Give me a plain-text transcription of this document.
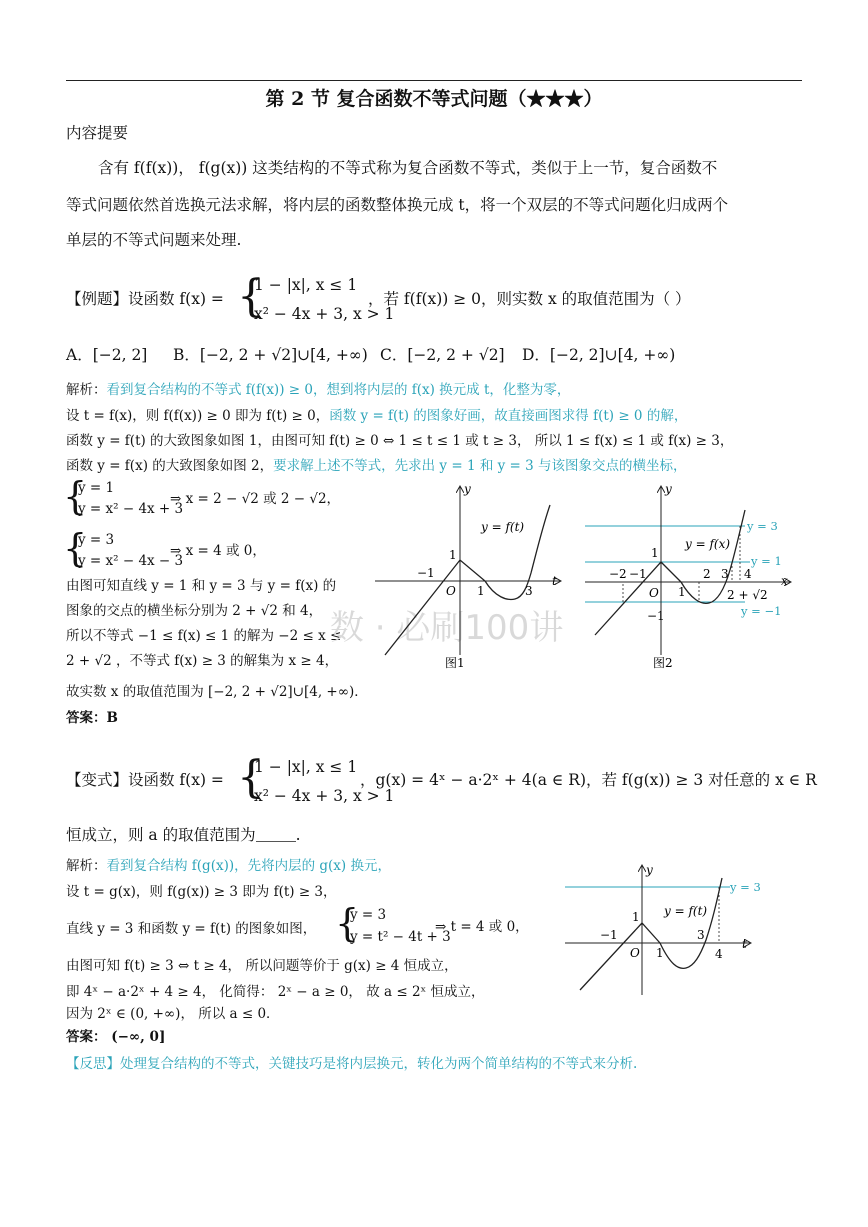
第 2 节 复合函数不等式问题（★★★）
内容提要
含有 f(f(x))， f(g(x)) 这类结构的不等式称为复合函数不等式，类似于上一节，复合函数不
等式问题依然首选换元法求解，将内层的函数整体换元成 t，将一个双层的不等式问题化归成两个
单层的不等式问题来处理.
【例题】设函数 f(x) = {
1 − |x|, x ≤ 1
x² − 4x + 3, x > 1
，若 f(f(x)) ≥ 0，则实数 x 的取值范围为（ ）
A．[−2, 2] B．[−2, 2 + √2]∪[4, +∞) C．[−2, 2 + √2] D．[−2, 2]∪[4, +∞)
解析：看到复合结构的不等式 f(f(x)) ≥ 0，想到将内层的 f(x) 换元成 t，化整为零，
设 t = f(x)，则 f(f(x)) ≥ 0 即为 f(t) ≥ 0，函数 y = f(t) 的图象好画，故直接画图求得 f(t) ≥ 0 的解，
函数 y = f(t) 的大致图象如图 1，由图可知 f(t) ≥ 0 ⇔ 1 ≤ t ≤ 1 或 t ≥ 3， 所以 1 ≤ f(x) ≤ 1 或 f(x) ≥ 3，
函数 y = f(x) 的大致图象如图 2，要求解上述不等式，先求出 y = 1 和 y = 3 与该图象交点的横坐标，
{
y = 1
y = x² − 4x + 3
⇒ x = 2 − √2 或 2 − √2，
{
y = 3
y = x² − 4x − 3
⇒ x = 4 或 0，
由图可知直线 y = 1 和 y = 3 与 y = f(x) 的
图象的交点的横坐标分别为 2 + √2 和 4，
所以不等式 −1 ≤ f(x) ≤ 1 的解为 −2 ≤ x ≤
2 + √2 ，不等式 f(x) ≥ 3 的解集为 x ≥ 4，
故实数 x 的取值范围为 [−2, 2 + √2]∪[4, +∞)．
答案：B
数 · 必刷100讲
t
y
y = f(t)
O
−1
1
1	3
图1
x
y
y = f(x)
y = 3
y = 1
y = −1
O
1
−1
−2 −1
1
2 3 4
2 + √2
图2
【变式】设函数 f(x) = {
1 − |x|, x ≤ 1
x² − 4x + 3, x > 1
，g(x) = 4ˣ − a·2ˣ + 4(a ∈ R)，若 f(g(x)) ≥ 3 对任意的 x ∈ R
恒成立，则 a 的取值范围为	.
解析：看到复合结构 f(g(x))，先将内层的 g(x) 换元，
设 t = g(x)，则 f(g(x)) ≥ 3 即为 f(t) ≥ 3，
直线 y = 3 和函数 y = f(t) 的图象如图， {
y = 3
y = t² − 4t + 3
⇒ t = 4 或 0，
由图可知 f(t) ≥ 3 ⇔ t ≥ 4， 所以问题等价于 g(x) ≥ 4 恒成立，
即 4ˣ − a·2ˣ + 4 ≥ 4， 化简得： 2ˣ − a ≥ 0， 故 a ≤ 2ˣ 恒成立，
因为 2ˣ ∈ (0, +∞)， 所以 a ≤ 0．
答案： (−∞, 0]
【反思】处理复合结构的不等式，关键技巧是将内层换元，转化为两个简单结构的不等式来分析.
t
y
y = f(t)
y = 3
O
−1
1
1
3
4
